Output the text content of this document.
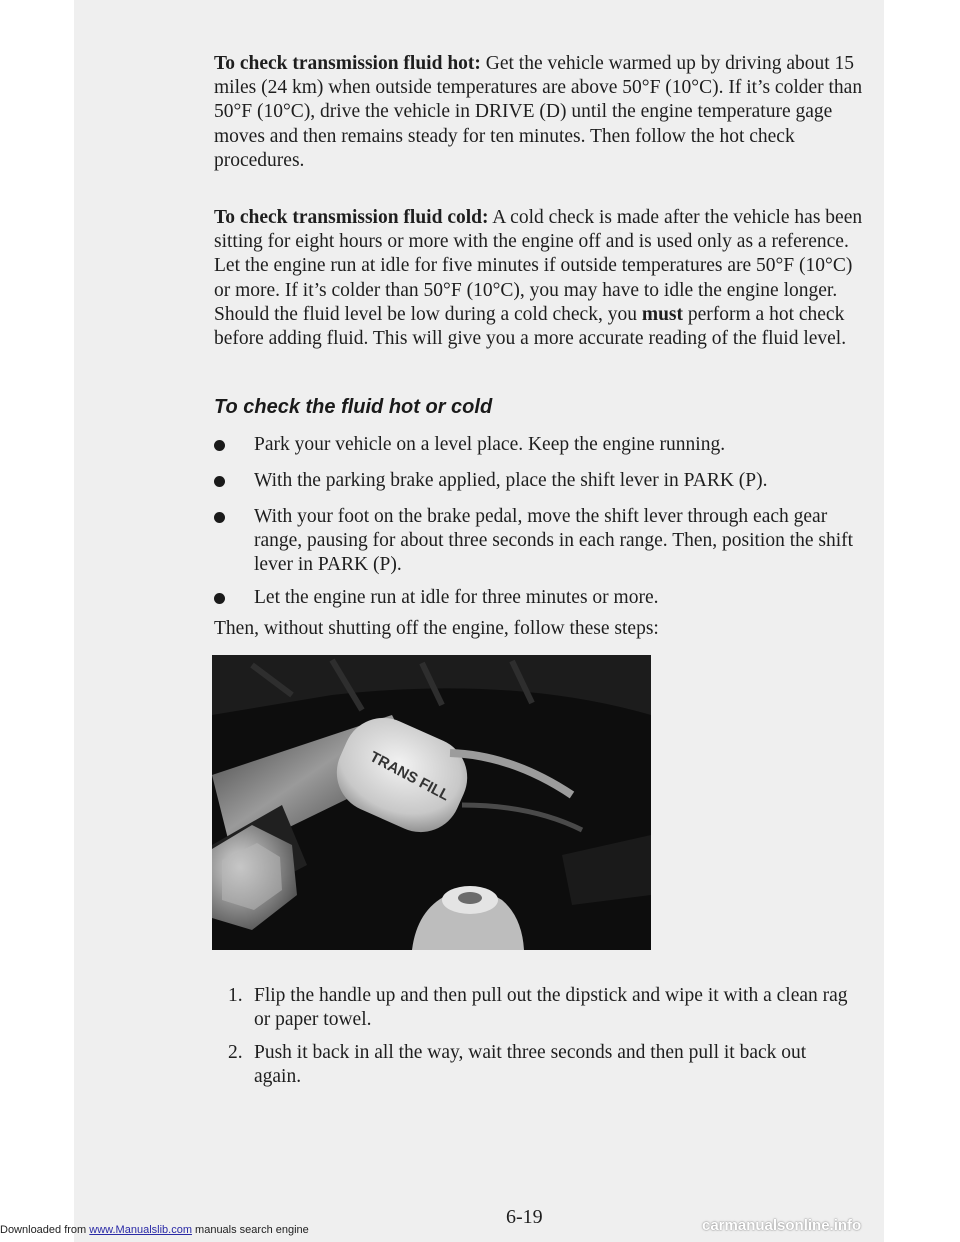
To check transmission fluid hot: Get the vehicle warmed up by driving about 15 miles (24 km) when outside temperatures are above 50°F (10°C). If it’s colder than 50°F (10°C), drive the vehicle in DRIVE (D) until the engine temperature gage moves and then remains steady for ten minutes. Then follow the hot check procedures.

To check transmission fluid cold: A cold check is made after the vehicle has been sitting for eight hours or more with the engine off and is used only as a reference. Let the engine run at idle for five minutes if outside temperatures are 50°F (10°C) or more. If it’s colder than 50°F (10°C), you may have to idle the engine longer. Should the fluid level be low during a cold check, you must perform a hot check before adding fluid. This will give you a more accurate reading of the fluid level.

To check the fluid hot or cold
Park your vehicle on a level place. Keep the engine running.
With the parking brake applied, place the shift lever in PARK (P).
With your foot on the brake pedal, move the shift lever through each gear range, pausing for about three seconds in each range. Then, position the shift lever in PARK (P).
Let the engine run at idle for three minutes or more.

Then, without shutting off the engine, follow these steps:

TRANS FILL
1. Flip the handle up and then pull out the dipstick and wipe it with a clean rag or paper towel.
2. Push it back in all the way, wait three seconds and then pull it back out again.
6-19
Downloaded from www.Manualslib.com manuals search engine	carmanualsonline.info
